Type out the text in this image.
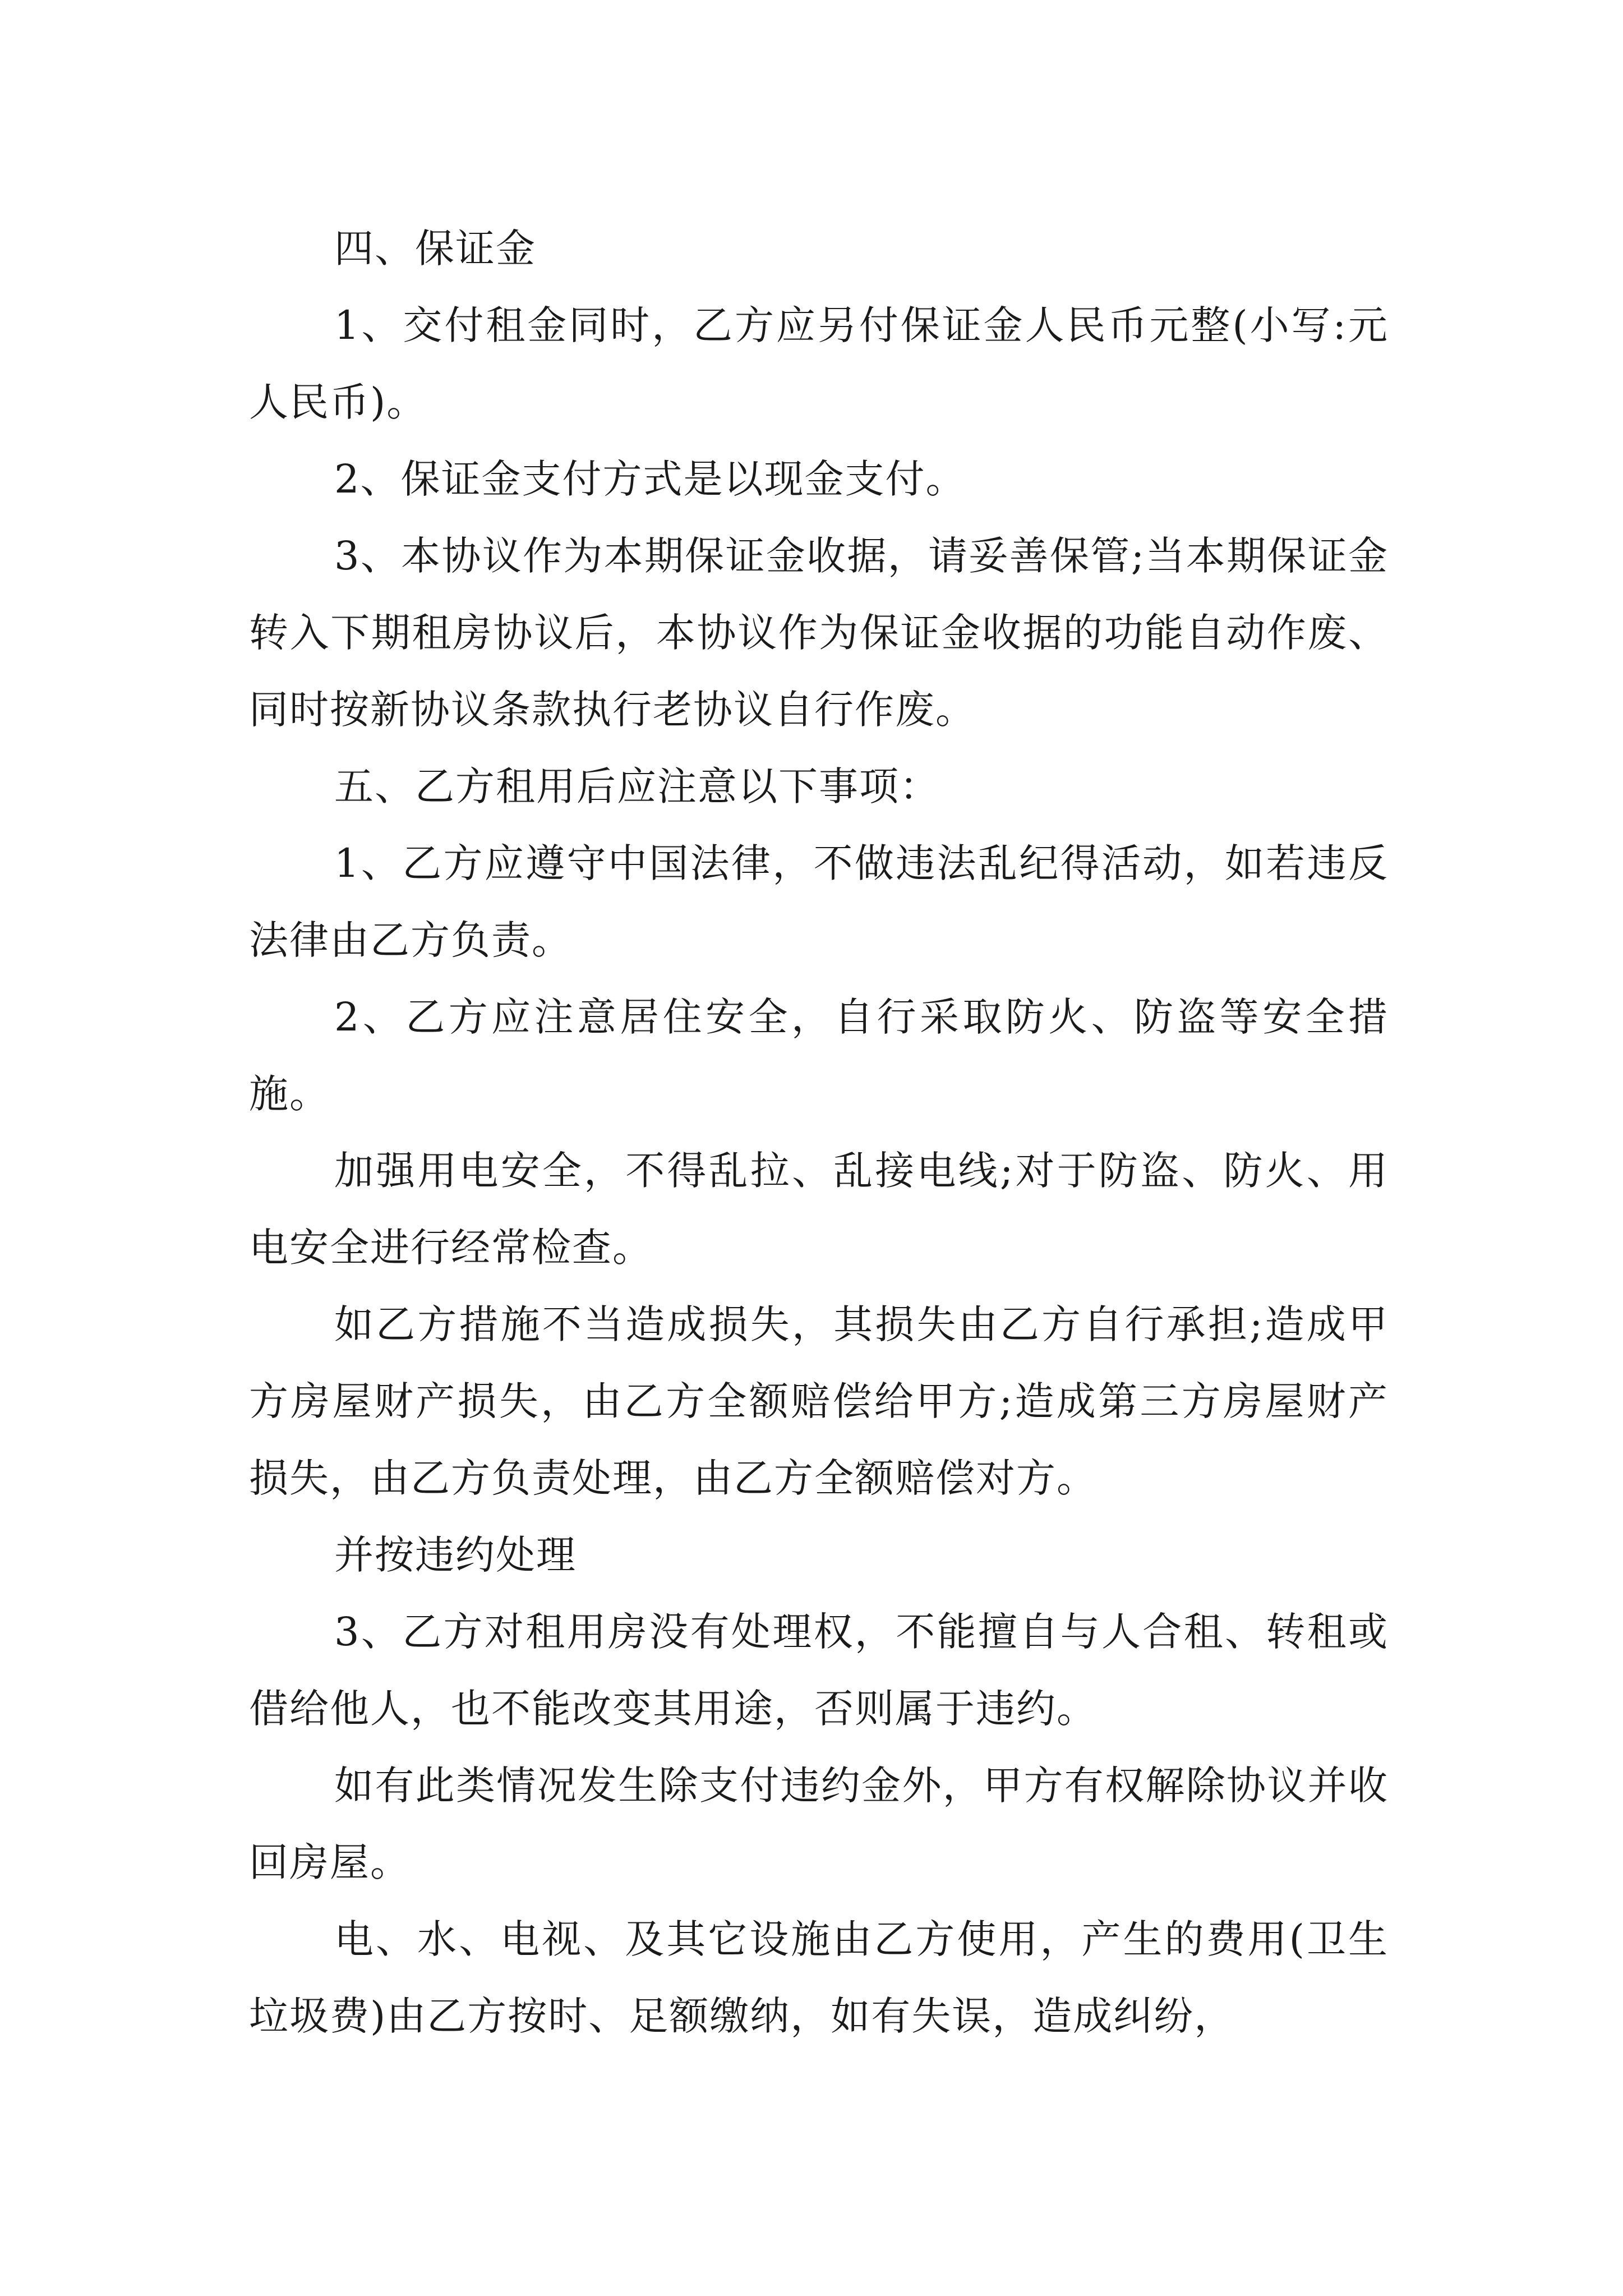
四、保证金

1、交付租金同时，乙方应另付保证金人民币元整(小写:元人民币)。

2、保证金支付方式是以现金支付。

3、本协议作为本期保证金收据，请妥善保管;当本期保证金转入下期租房协议后，本协议作为保证金收据的功能自动作废、同时按新协议条款执行老协议自行作废。

五、乙方租用后应注意以下事项：

1、乙方应遵守中国法律，不做违法乱纪得活动，如若违反法律由乙方负责。

2、乙方应注意居住安全，自行采取防火、防盗等安全措施。

加强用电安全，不得乱拉、乱接电线;对于防盗、防火、用电安全进行经常检查。

如乙方措施不当造成损失，其损失由乙方自行承担;造成甲方房屋财产损失，由乙方全额赔偿给甲方;造成第三方房屋财产损失，由乙方负责处理，由乙方全额赔偿对方。

并按违约处理

3、乙方对租用房没有处理权，不能擅自与人合租、转租或借给他人，也不能改变其用途，否则属于违约。

如有此类情况发生除支付违约金外，甲方有权解除协议并收回房屋。

电、水、电视、及其它设施由乙方使用，产生的费用(卫生垃圾费)由乙方按时、足额缴纳，如有失误，造成纠纷，
